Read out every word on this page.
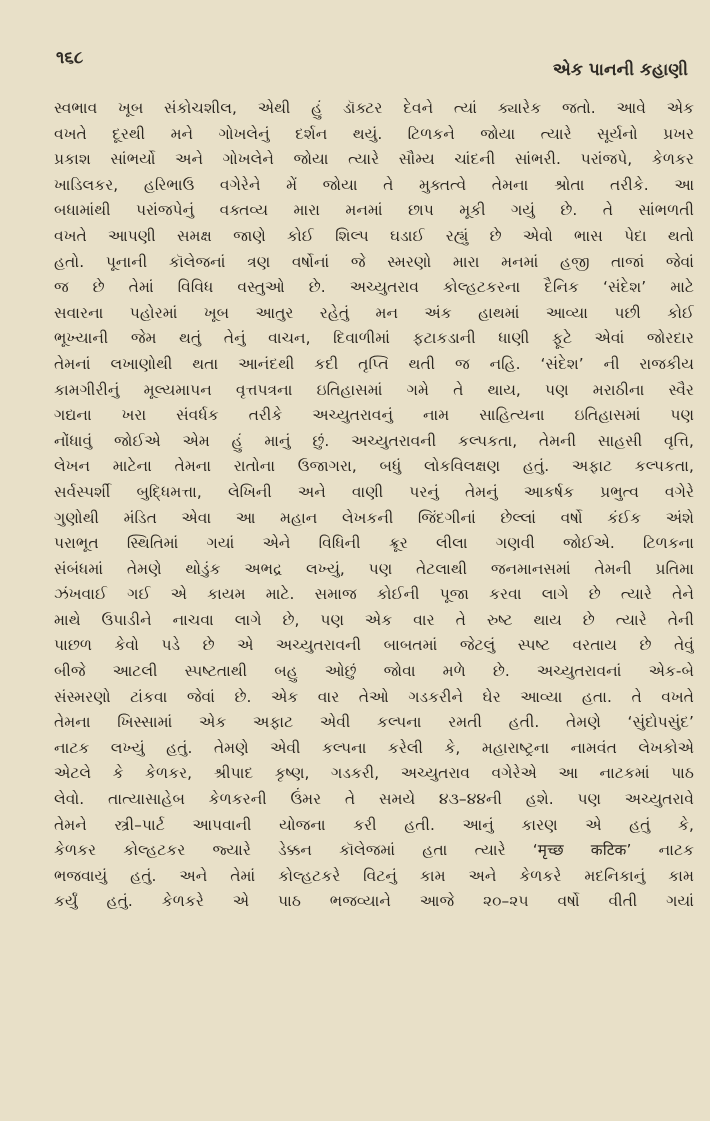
૧૬૮
એક પાનની કહાણી
સ્વભાવ ખૂબ સંકોચશીલ, એથી હું ડૉક્ટર દેવને ત્યાં ક્યારેક જતો. આવે એક
વખતે દૂરથી મને ગોખલેનું દર્શન થયું. ટિળકને જોયા ત્યારે સૂર્યનો પ્રખર
પ્રકાશ સાંભર્યો અને ગોખલેને જોયા ત્યારે સૌમ્ય ચાંદની સાંભરી. પરાંજપે, કેળકર
ખાડિલકર, હરિભાઉ વગેરેને મેં જોયા તે મુક્તત્વે તેમના શ્રોતા તરીકે. આ
બધામાંથી પરાંજપેનું વક્તવ્ય મારા મનમાં છાપ મૂકી ગયું છે. તે સાંભળતી
વખતે આપણી સમક્ષ જાણે કોઈ શિલ્પ ઘડાઈ રહ્યું છે એવો ભાસ પેદા થતો
હતો. પૂનાની કૉલેજનાં ત્રણ વર્ષોનાં જે સ્મરણો મારા મનમાં હજી તાજાં જેવાં
જ છે તેમાં વિવિધ વસ્તુઓ છે. અચ્યુતરાવ કોલ્હટકરના દૈનિક ‘સંદેશ’ માટે
સવારના પહોરમાં ખૂબ આતુર રહેતું મન અંક હાથમાં આવ્યા પછી કોઈ
ભૂખ્યાની જેમ થતું તેનું વાચન, દિવાળીમાં ફટાકડાની ધાણી ફૂટે એવાં જોરદાર
તેમનાં લખાણોથી થતા આનંદથી કદી તૃપ્તિ થતી જ નહિ. ‘સંદેશ’ ની રાજકીય
કામગીરીનું મૂલ્યમાપન વૃત્તપત્રના ઇતિહાસમાં ગમે તે થાય, પણ મરાઠીના સ્વૈર
ગદ્યના ખરા સંવર્ધક તરીકે અચ્યુતરાવનું નામ સાહિત્યના ઇતિહાસમાં પણ
નોંધાવું જોઈએ એમ હું માનું છું. અચ્યુતરાવની કલ્પકતા, તેમની સાહસી વૃત્તિ,
લેખન માટેના તેમના રાતોના ઉજાગરા, બધું લોકવિલક્ષણ હતું. અફાટ કલ્પકતા,
સર્વસ્પર્શી બુદ્ધિમત્તા, લેખિની અને વાણી પરનું તેમનું આકર્ષક પ્રભુત્વ વગેરે
ગુણોથી મંડિત એવા આ મહાન લેખકની જિંદગીનાં છેલ્લાં વર્ષો કંઈક અંશે
પરાભૂત સ્થિતિમાં ગયાં એને વિધિની ક્રૂર લીલા ગણવી જોઈએ. ટિળકના
સંબંધમાં તેમણે થોડુંક અભદ્ર લખ્યું, પણ તેટલાથી જનમાનસમાં તેમની પ્રતિમા
ઝંખવાઈ ગઈ એ કાયમ માટે. સમાજ કોઈની પૂજા કરવા લાગે છે ત્યારે તેને
માથે ઉપાડીને નાચવા લાગે છે, પણ એક વાર તે રુષ્ટ થાય છે ત્યારે તેની
પાછળ કેવો પડે છે એ અચ્યુતરાવની બાબતમાં જેટલું સ્પષ્ટ વરતાય છે તેવું
બીજે આટલી સ્પષ્ટતાથી બહુ ઓછું જોવા મળે છે. અચ્યુતરાવનાં એક-બે
સંસ્મરણો ટાંકવા જેવાં છે. એક વાર તેઓ ગડકરીને ઘેર આવ્યા હતા. તે વખતે
તેમના ખિસ્સામાં એક અફાટ એવી કલ્પના રમતી હતી. તેમણે ‘સુંદોપસુંદ’
નાટક લખ્યું હતું. તેમણે એવી કલ્પના કરેલી કે, મહારાષ્ટ્રના નામવંત લેખકોએ
એટલે કે કેળકર, શ્રીપાદ કૃષ્ણ, ગડકરી, અચ્યુતરાવ વગેરેએ આ નાટકમાં પાઠ
લેવો. તાત્યાસાહેબ કેળકરની ઉંમર તે સમયે ૪૩–૪૪ની હશે. પણ અચ્યુતરાવે
તેમને સ્ત્રી–પાર્ટ આપવાની યોજના કરી હતી. આનું કારણ એ હતું કે,
કેળકર કોલ્હટકર જ્યારે ડેક્કન કૉલેજમાં હતા ત્યારે ‘मृच्छ कटिक’ નાટક
ભજવાયું હતું. અને તેમાં કોલ્હટકરે વિટનું કામ અને કેળકરે મદનિકાનું કામ
કર્યું હતું. કેળકરે એ પાઠ ભજવ્યાને આજે ૨૦–૨૫ વર્ષો વીતી ગયાં
